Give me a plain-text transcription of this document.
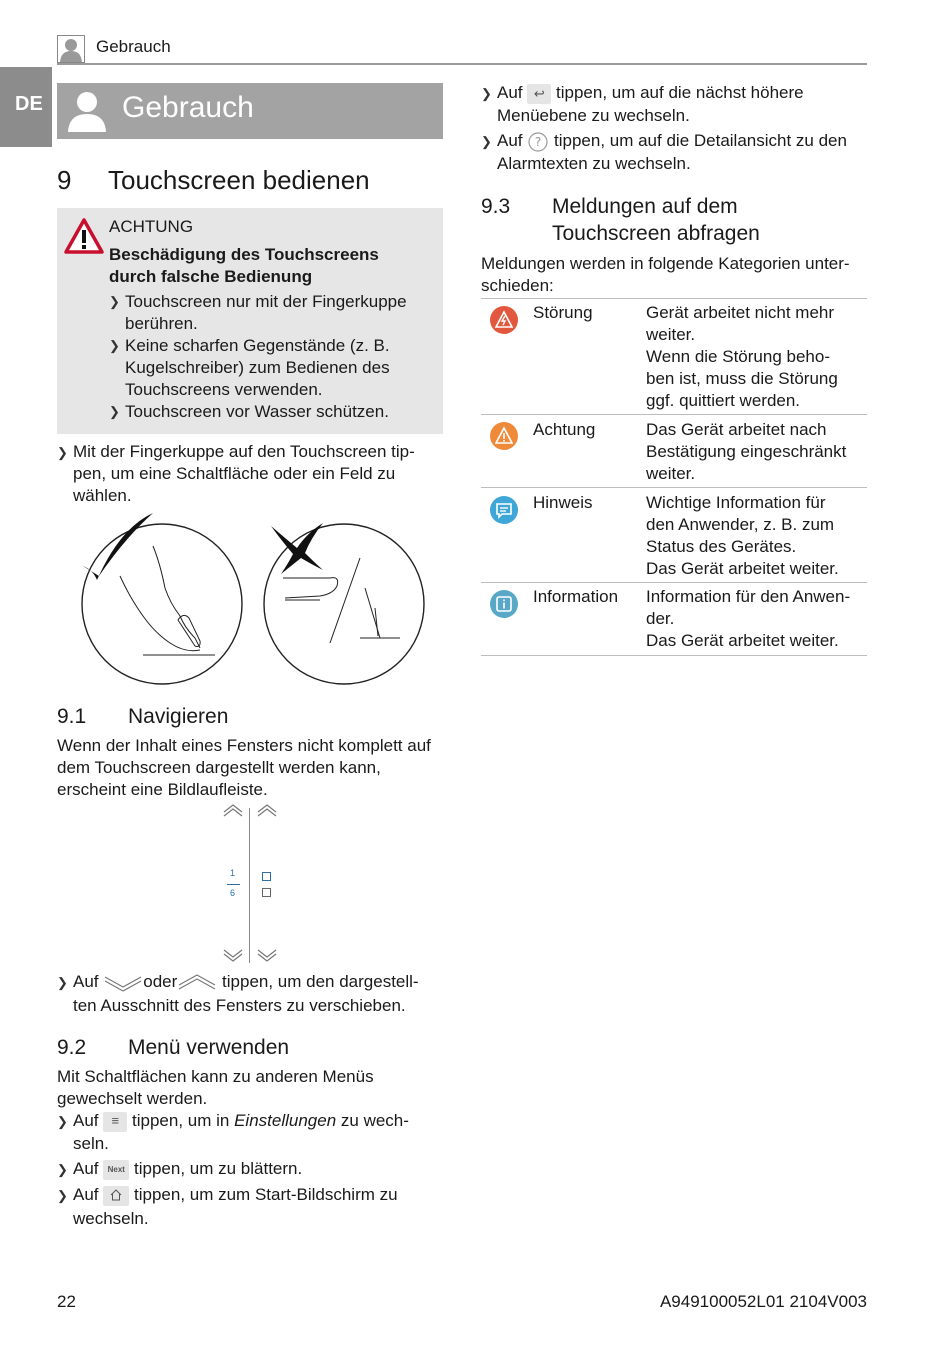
Gebrauch
DE	Gebrauch
9 Touchscreen bedienen
ACHTUNG
Beschädigung des Touchscreens
durch falsche Bedienung
❯ Touchscreen nur mit der Fingerkuppe
berühren.
❯ Keine scharfen Gegenstände (z. B.
Kugelschreiber) zum Bedienen des
Touchscreens verwenden.
❯ Touchscreen vor Wasser schützen.
❯ Mit der Fingerkuppe auf den Touchscreen tip-
pen, um eine Schaltfläche oder ein Feld zu
wählen.
9.1 Navigieren

Wenn der Inhalt eines Fensters nicht komplett auf

dem Touchscreen dargestellt werden kann,

erscheint eine Bildlaufleiste.

1
6
❯ Auf	oder	tippen, um den dargestell-
ten Ausschnitt des Fensters zu verschieben.
9.2 Menü verwenden

Mit Schaltflächen kann zu anderen Menüs

gewechselt werden.

❯ Auf ≡ tippen, um in Einstellungen zu wech-
seln.
❯ Auf Next tippen, um zu blättern.
❯ Auf tippen, um zum Start-Bildschirm zu
wechseln.
❯ Auf ↩ tippen, um auf die nächst höhere
Menüebene zu wechseln.
❯ Auf ? tippen, um auf die Detailansicht zu den
Alarmtexten zu wechseln.
9.3 Meldungen auf dem
Touchscreen abfragen

Meldungen werden in folgende Kategorien unter-

schieden:

Störung	Gerät arbeitet nicht mehr
weiter.
Wenn die Störung beho-
ben ist, muss die Störung
ggf. quittiert werden.
Achtung	Das Gerät arbeitet nach
Bestätigung eingeschränkt
weiter.
Hinweis	Wichtige Information für
den Anwender, z. B. zum
Status des Gerätes.
Das Gerät arbeitet weiter.
Information Information für den Anwen-
der.
Das Gerät arbeitet weiter.
22	A949100052L01 2104V003
